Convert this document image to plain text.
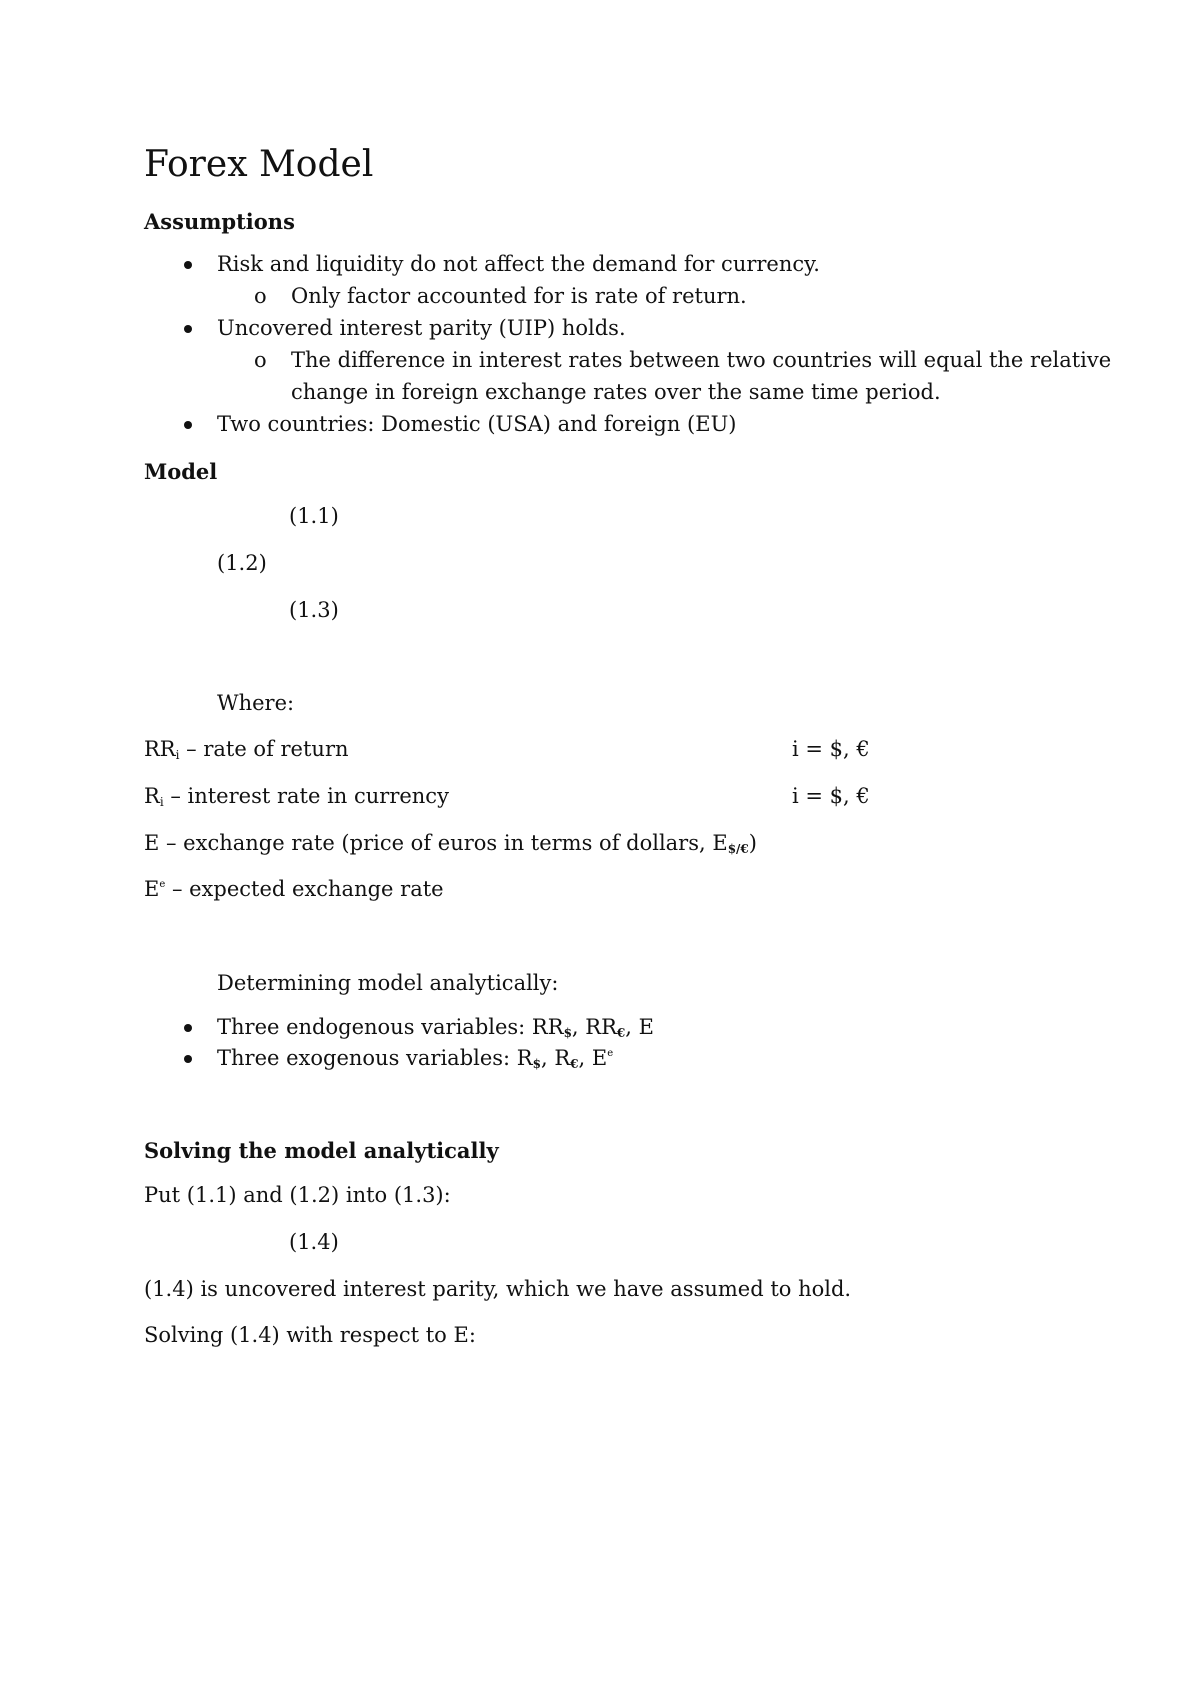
Forex Model
Assumptions
Risk and liquidity do not affect the demand for currency.
o Only factor accounted for is rate of return.
Uncovered interest parity (UIP) holds.
o The difference in interest rates between two countries will equal the relative
change in foreign exchange rates over the same time period.
Two countries: Domestic (USA) and foreign (EU)
Model
(1.1)
(1.2)
(1.3)
Where:
$RR_i$ – rate of return	i = $, €
$R_i$ – interest rate in currency	i = $, €
E – exchange rate (price of euros in terms of dollars, $E_{\$/€}$)
$E^e$ – expected exchange rate
Determining model analytically:
Three endogenous variables: $RR_{\$}$, $RR_€$, E
Three exogenous variables: $R_{\$}$, $R_€$, $E^e$
Solving the model analytically
Put (1.1) and (1.2) into (1.3):
(1.4)
(1.4) is uncovered interest parity, which we have assumed to hold.
Solving (1.4) with respect to E:
